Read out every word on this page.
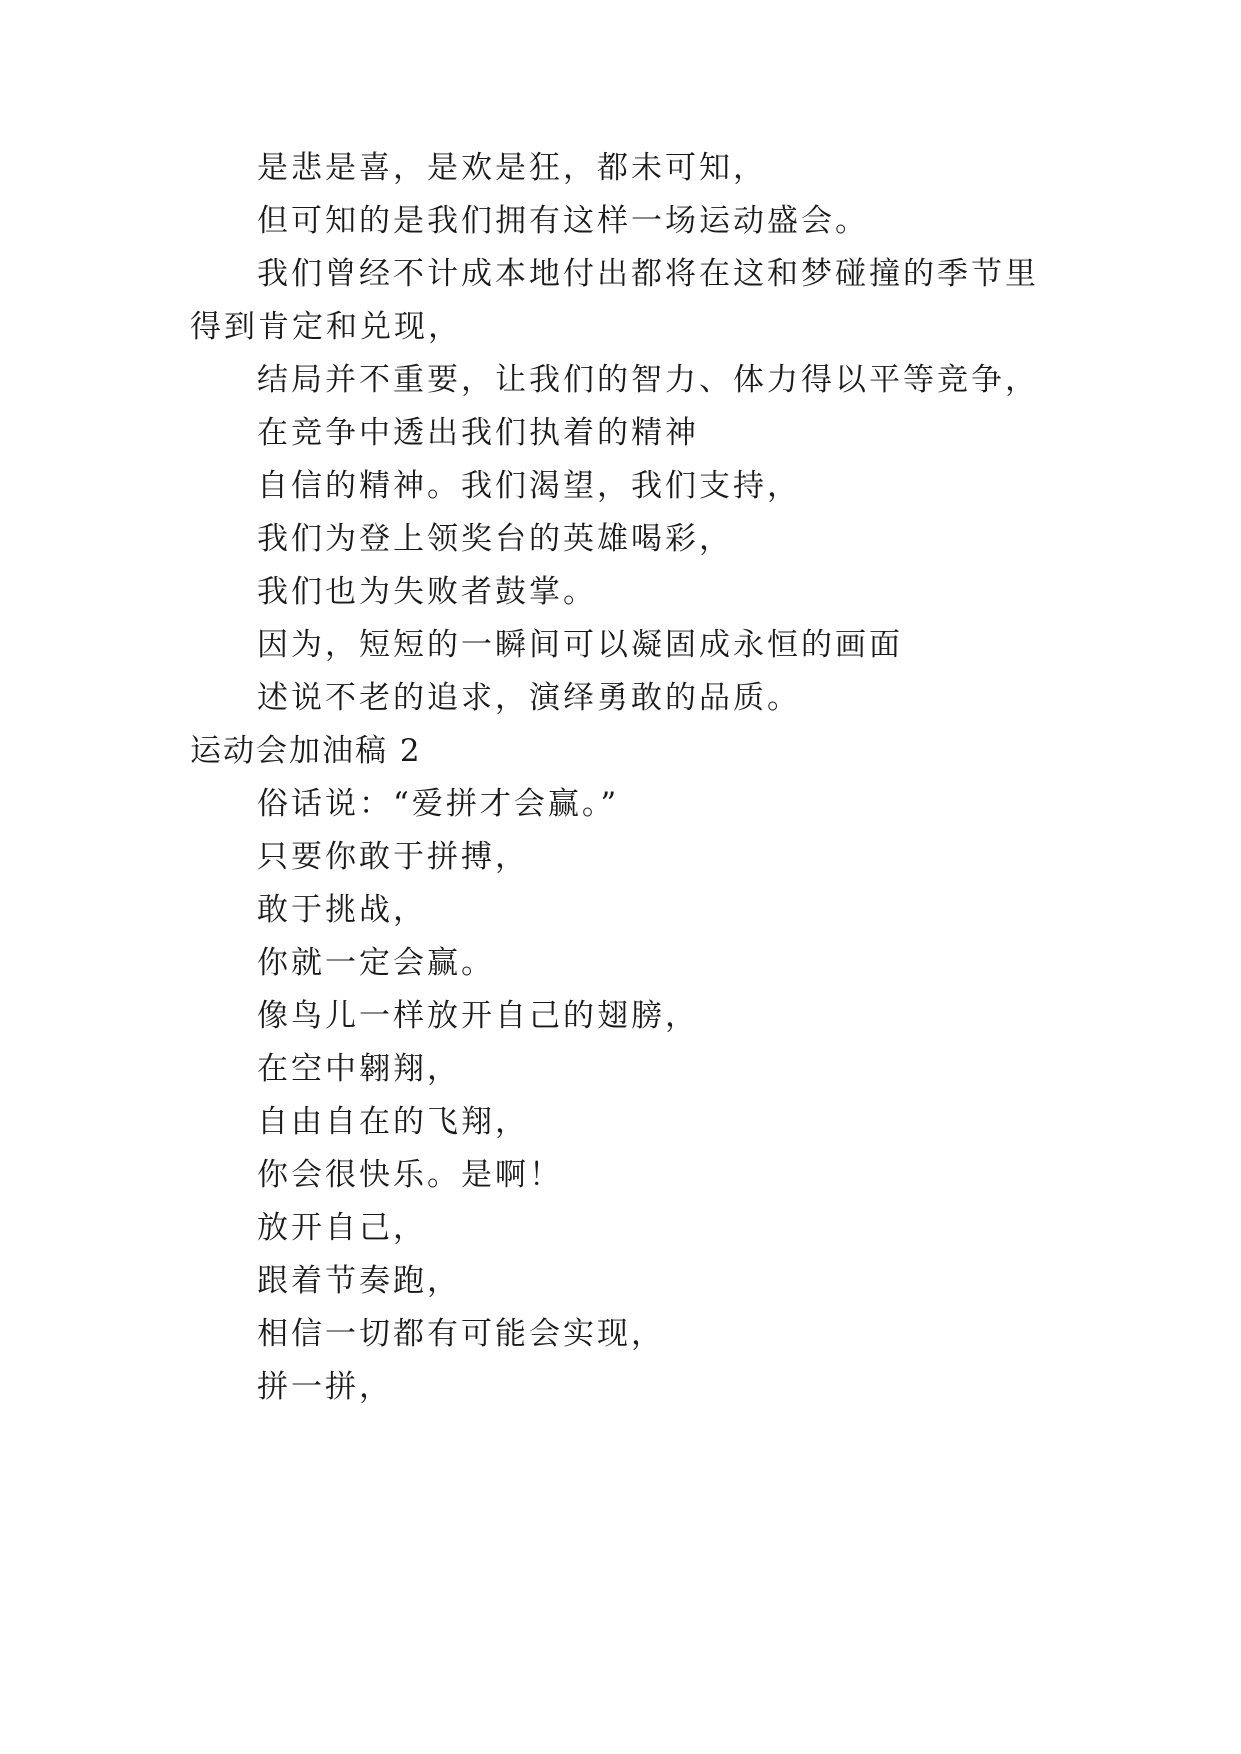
是悲是喜，是欢是狂，都未可知，

但可知的是我们拥有这样一场运动盛会。

我们曾经不计成本地付出都将在这和梦碰撞的季节里

得到肯定和兑现，

结局并不重要，让我们的智力、体力得以平等竞争，

在竞争中透出我们执着的精神

自信的精神。我们渴望，我们支持，

我们为登上领奖台的英雄喝彩，

我们也为失败者鼓掌。

因为，短短的一瞬间可以凝固成永恒的画面

述说不老的追求，演绎勇敢的品质。

运动会加油稿 2

俗话说：“爱拼才会赢。”

只要你敢于拼搏，

敢于挑战，

你就一定会赢。

像鸟儿一样放开自己的翅膀，

在空中翱翔，

自由自在的飞翔，

你会很快乐。是啊！

放开自己，

跟着节奏跑，

相信一切都有可能会实现，

拼一拼，
